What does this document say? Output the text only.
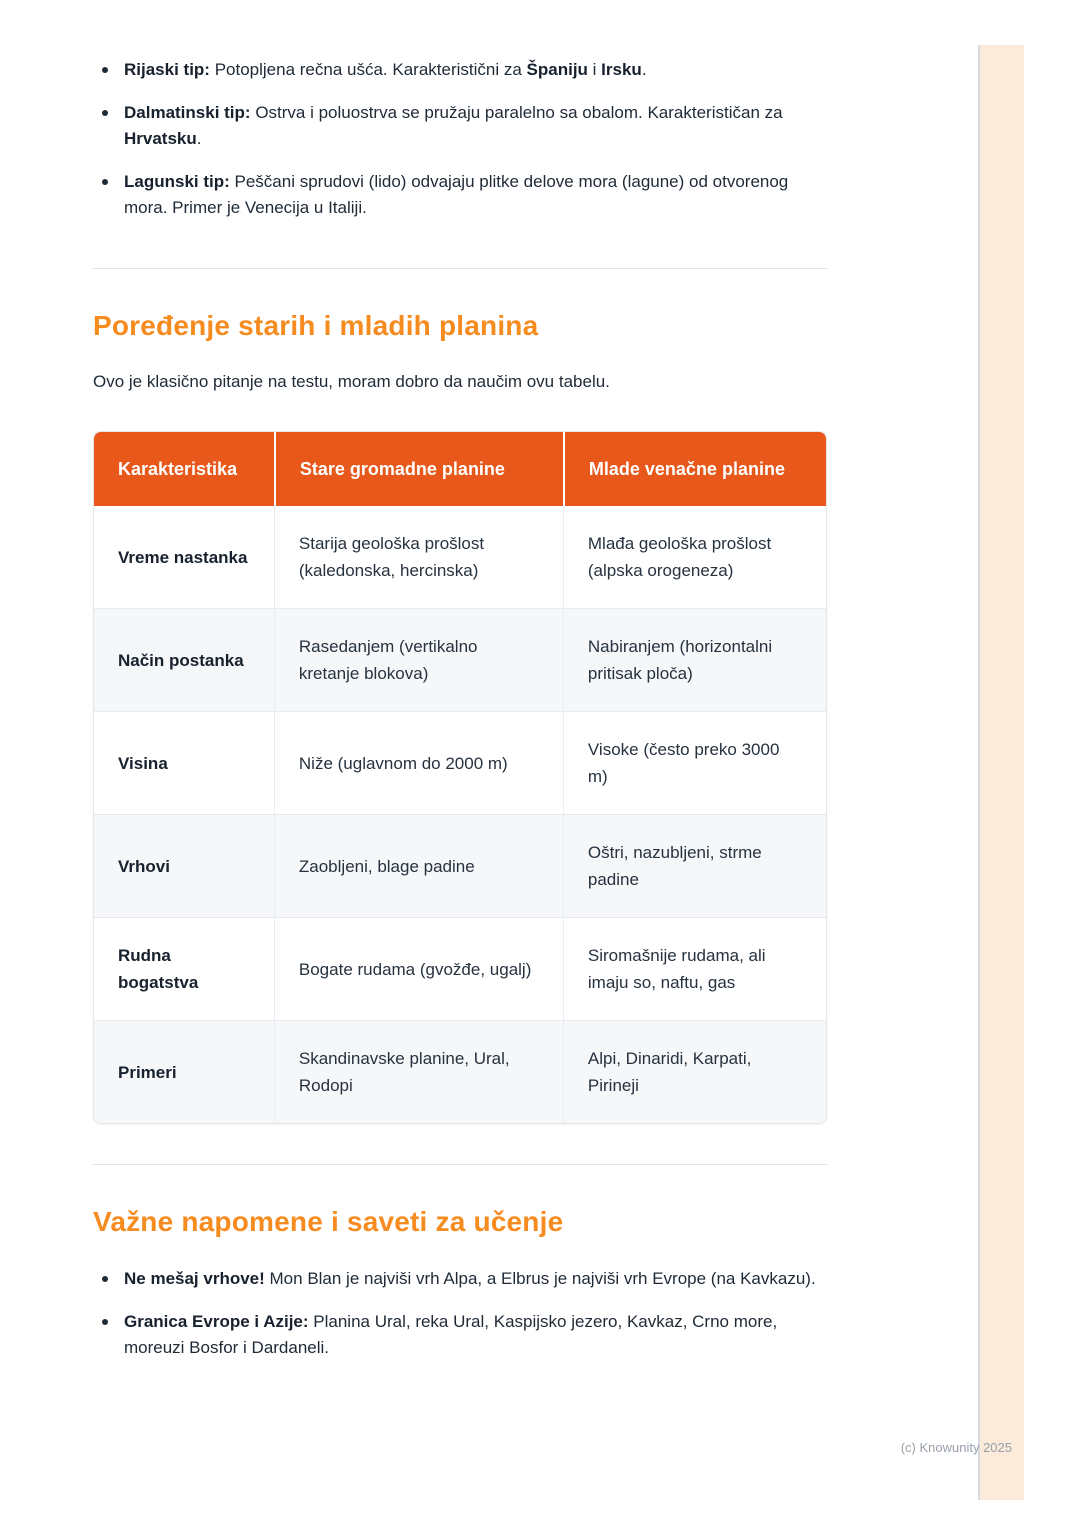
Rijaski tip: Potopljena rečna ušća. Karakteristični za Španiju i Irsku.
Dalmatinski tip: Ostrva i poluostrva se pružaju paralelno sa obalom. Karakterističan za Hrvatsku.
Lagunski tip: Peščani sprudovi (lido) odvajaju plitke delove mora (lagune) od otvorenog mora. Primer je Venecija u Italiji.
Poređenje starih i mladih planina

Ovo je klasično pitanje na testu, moram dobro da naučim ovu tabelu.

Karakteristika	Stare gromadne planine	Mlade venačne planine
Vreme nastanka	Starija geološka prošlost (kaledonska, hercinska)	Mlađa geološka prošlost (alpska orogeneza)
Način postanka	Rasedanjem (vertikalno kretanje blokova)	Nabiranjem (horizontalni pritisak ploča)
Visina	Niže (uglavnom do 2000 m)	Visoke (često preko 3000 m)
Vrhovi	Zaobljeni, blage padine	Oštri, nazubljeni, strme padine
Rudna bogatstva	Bogate rudama (gvožđe, ugalj)	Siromašnije rudama, ali imaju so, naftu, gas
Primeri	Skandinavske planine, Ural, Rodopi	Alpi, Dinaridi, Karpati, Pirineji
Važne napomene i saveti za učenje
Ne mešaj vrhove! Mon Blan je najviši vrh Alpa, a Elbrus je najviši vrh Evrope (na Kavkazu).
Granica Evrope i Azije: Planina Ural, reka Ural, Kaspijsko jezero, Kavkaz, Crno more, moreuzi Bosfor i Dardaneli.
(c) Knowunity 2025
